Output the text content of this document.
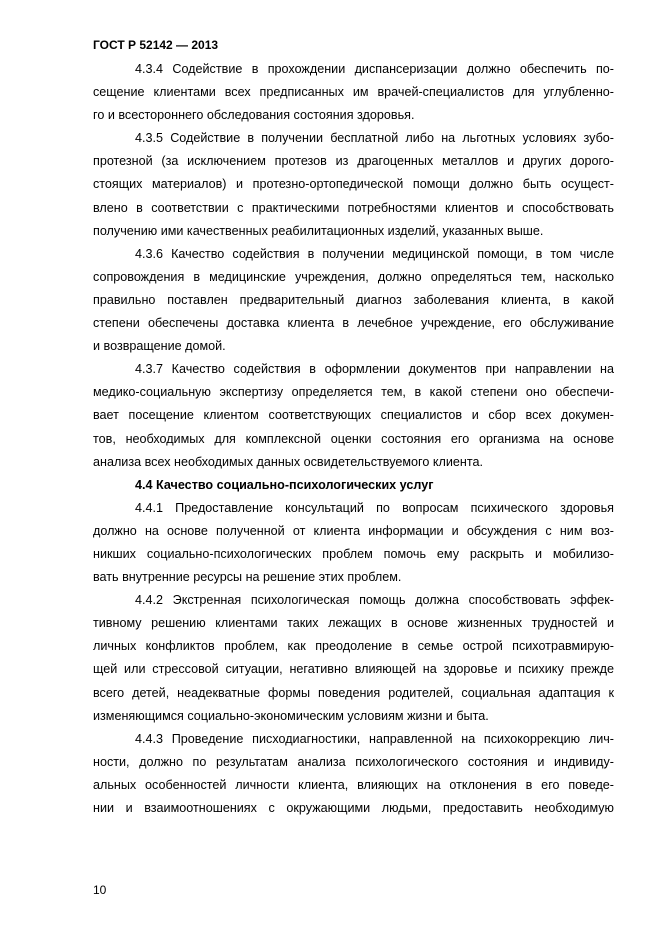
ГОСТ Р 52142 — 2013

4.3.4 Содействие в прохождении диспансеризации должно обеспечить по-
сещение клиентами всех предписанных им врачей-специалистов для углубленно-
го и всестороннего обследования состояния здоровья.

4.3.5 Содействие в получении бесплатной либо на льготных условиях зубо-
протезной (за исключением протезов из драгоценных металлов и других дорого-
стоящих материалов) и протезно-ортопедической помощи должно быть осущест-
влено в соответствии с практическими потребностями клиентов и способствовать
получению ими качественных реабилитационных изделий, указанных выше.

4.3.6 Качество содействия в получении медицинской помощи, в том числе
сопровождения в медицинские учреждения, должно определяться тем, насколько
правильно поставлен предварительный диагноз заболевания клиента, в какой
степени обеспечены доставка клиента в лечебное учреждение, его обслуживание
и возвращение домой.

4.3.7 Качество содействия в оформлении документов при направлении на
медико-социальную экспертизу определяется тем, в какой степени оно обеспечи-
вает посещение клиентом соответствующих специалистов и сбор всех докумен-
тов, необходимых для комплексной оценки состояния его организма на основе
анализа всех необходимых данных освидетельствуемого клиента.

4.4 Качество социально-психологических услуг

4.4.1 Предоставление консультаций по вопросам психического здоровья
должно на основе полученной от клиента информации и обсуждения с ним воз-
никших социально-психологических проблем помочь ему раскрыть и мобилизо-
вать внутренние ресурсы на решение этих проблем.

4.4.2 Экстренная психологическая помощь должна способствовать эффек-
тивному решению клиентами таких лежащих в основе жизненных трудностей и
личных конфликтов проблем, как преодоление в семье острой психотравмирую-
щей или стрессовой ситуации, негативно влияющей на здоровье и психику прежде
всего детей, неадекватные формы поведения родителей, социальная адаптация к
изменяющимся социально-экономическим условиям жизни и быта.

4.4.3 Проведение писходиагностики, направленной на психокоррекцию лич-
ности, должно по результатам анализа психологического состояния и индивиду-
альных особенностей личности клиента, влияющих на отклонения в его поведе-
нии и взаимоотношениях с окружающими людьми, предоставить необходимую

10
